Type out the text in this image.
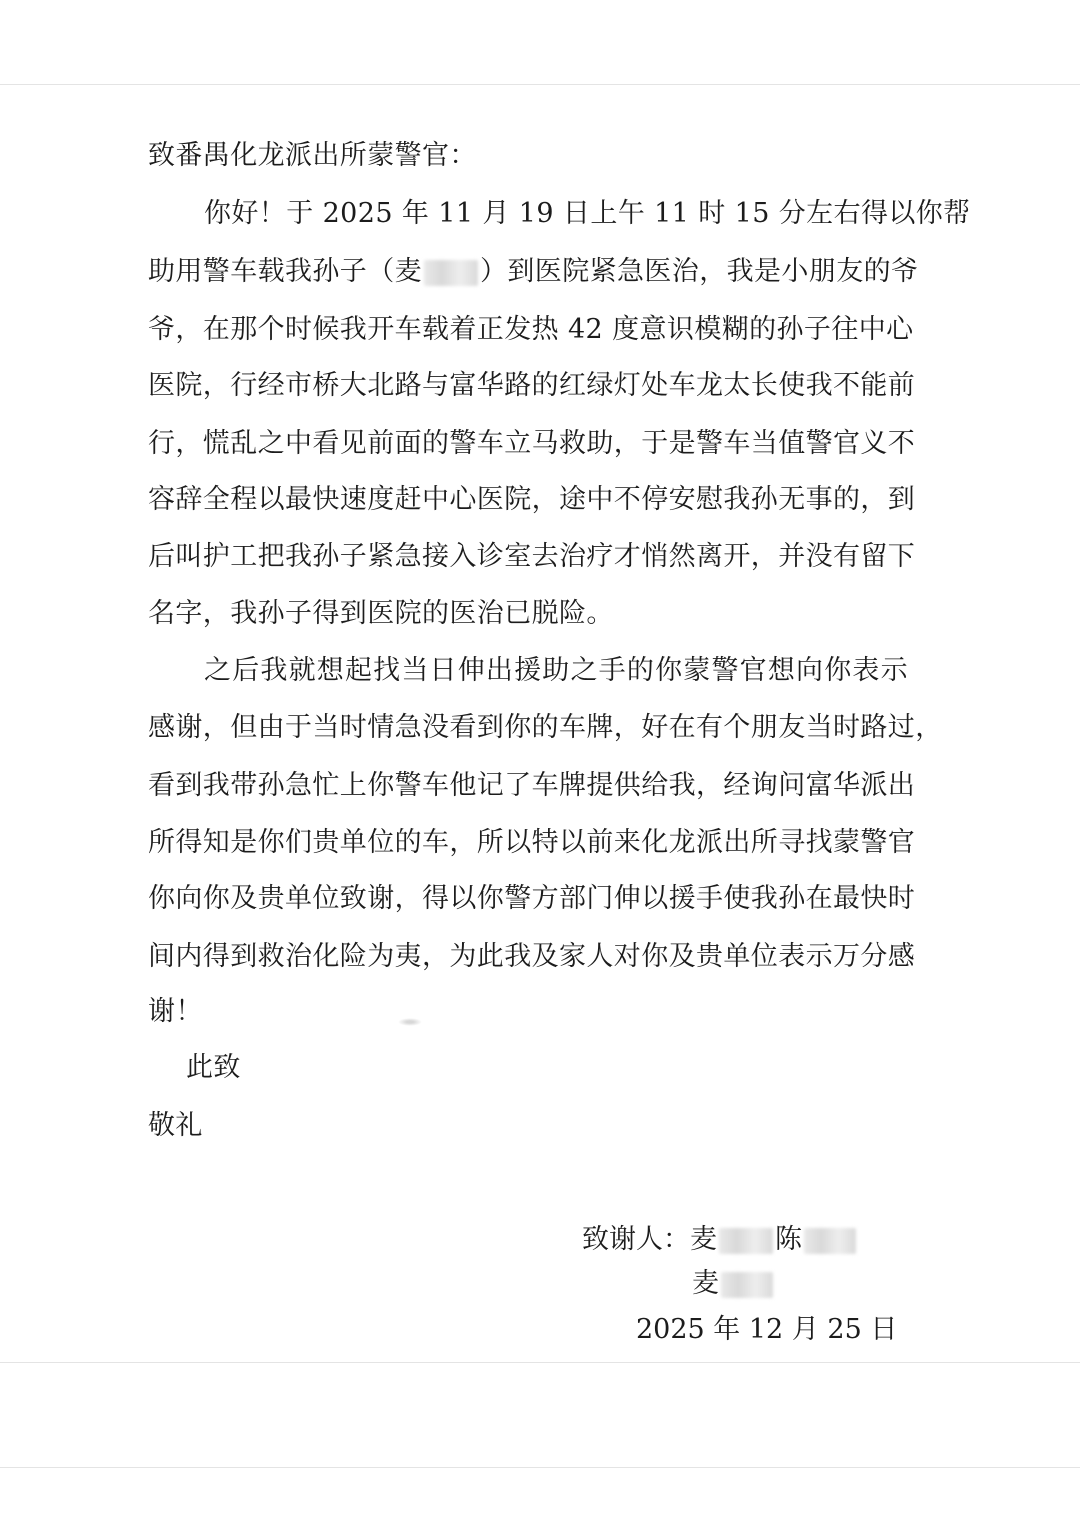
致番禺化龙派出所蒙警官：
你好！于 2025 年 11 月 19 日上午 11 时 15 分左右得以你帮
助用警车载我孙子（麦 ）到医院紧急医治，我是小朋友的爷
爷，在那个时候我开车载着正发热 42 度意识模糊的孙子往中心
医院，行经市桥大北路与富华路的红绿灯处车龙太长使我不能前
行，慌乱之中看见前面的警车立马救助，于是警车当值警官义不
容辞全程以最快速度赶中心医院，途中不停安慰我孙无事的，到
后叫护工把我孙子紧急接入诊室去治疗才悄然离开，并没有留下
名字，我孙子得到医院的医治已脱险。
之后我就想起找当日伸出援助之手的你蒙警官想向你表示
感谢，但由于当时情急没看到你的车牌，好在有个朋友当时路过，
看到我带孙急忙上你警车他记了车牌提供给我，经询问富华派出
所得知是你们贵单位的车，所以特以前来化龙派出所寻找蒙警官
你向你及贵单位致谢，得以你警方部门伸以援手使我孙在最快时
间内得到救治化险为夷，为此我及家人对你及贵单位表示万分感
谢！
此致
敬礼
致谢人：麦 陈
麦
2025 年 12 月 25 日
